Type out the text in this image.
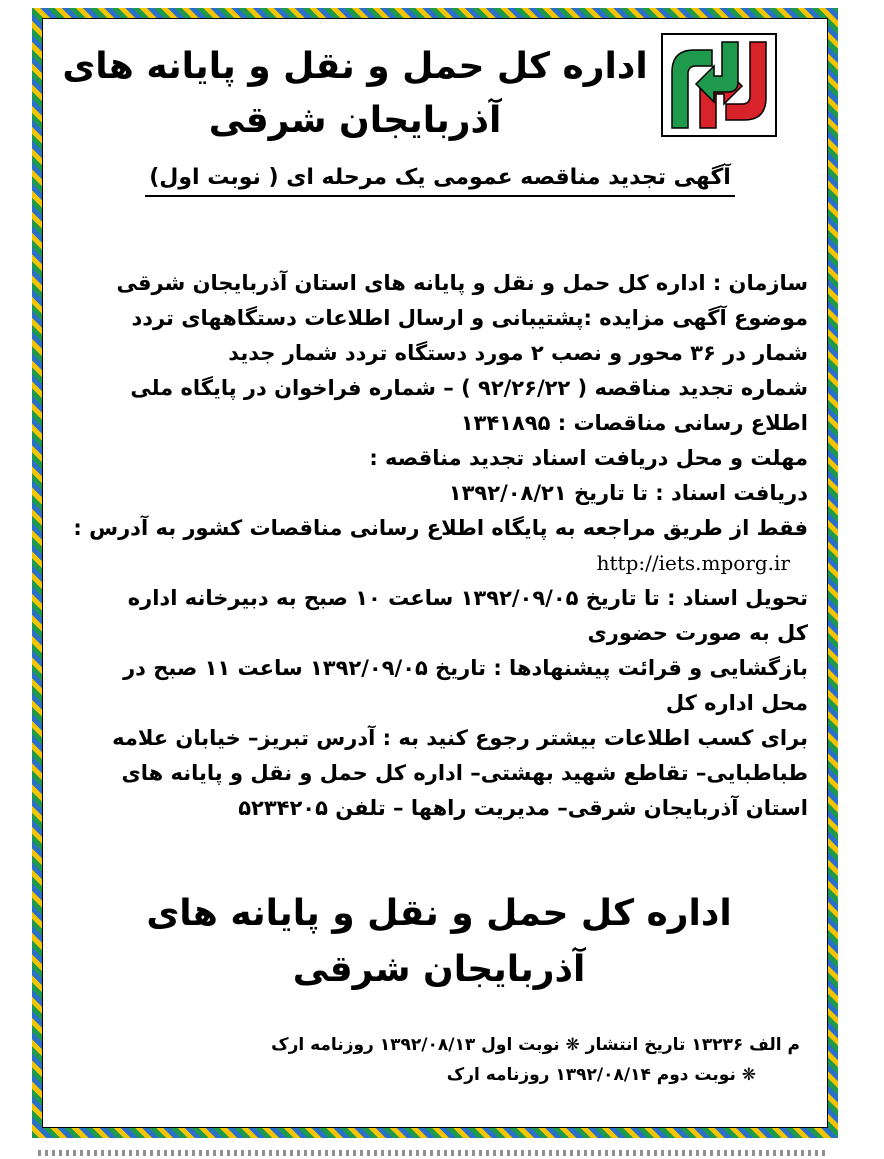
اداره کل حمل و نقل و پایانه های
آذربایجان شرقی
آگهی تجدید مناقصه عمومی یک مرحله ای ( نوبت اول)
سازمان : اداره کل حمل و نقل و پایانه های استان آذربایجان شرقی
موضوع آگهی مزایده :پشتیبانی و ارسال اطلاعات دستگاههای تردد
شمار در ۳۶ محور و نصب ۲ مورد دستگاه تردد شمار جدید
شماره تجدید مناقصه ( ۹۲/۲۶/۲۲ ) – شماره فراخوان در پایگاه ملی
اطلاع رسانی مناقصات : ۱۳۴۱۸۹۵
مهلت و محل دریافت اسناد تجدید مناقصه :
دریافت اسناد : تا تاریخ ۱۳۹۲/۰۸/۲۱
فقط از طریق مراجعه به پایگاه اطلاع رسانی مناقصات کشور به آدرس :
http://iets.mporg.ir
تحویل اسناد : تا تاریخ ۱۳۹۲/۰۹/۰۵ ساعت ۱۰ صبح به دبیرخانه اداره
کل به صورت حضوری
بازگشایی و قرائت پیشنهادها : تاریخ ۱۳۹۲/۰۹/۰۵ ساعت ۱۱ صبح در
محل اداره کل
برای کسب اطلاعات بیشتر رجوع کنید به : آدرس تبریز– خیابان علامه
طباطبایی– تقاطع شهید بهشتی– اداره کل حمل و نقل و پایانه های
استان آذربایجان شرقی– مدیریت راهها – تلفن ۵۲۳۴۲۰۵
اداره کل حمل و نقل و پایانه های
آذربایجان شرقی
م الف ۱۳۲۳۶ تاریخ انتشار ❋ نوبت اول ۱۳۹۲/۰۸/۱۳ روزنامه ارک
❋ نوبت دوم ۱۳۹۲/۰۸/۱۴ روزنامه ارک
